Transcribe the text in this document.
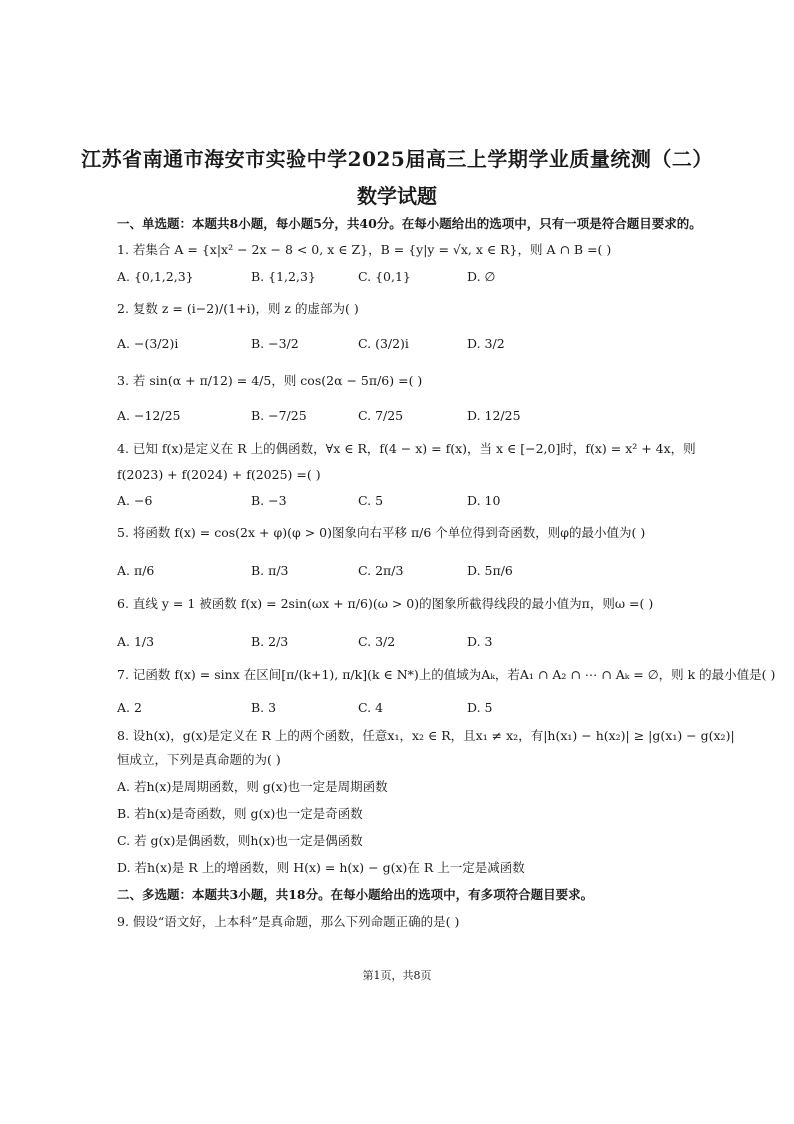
江苏省南通市海安市实验中学2025届高三上学期学业质量统测（二）
数学试题
一、单选题：本题共8小题，每小题5分，共40分。在每小题给出的选项中，只有一项是符合题目要求的。
1. 若集合 A = {x|x² − 2x − 8 < 0, x ∈ Z}，B = {y|y = √x, x ∈ R}，则 A ∩ B =( )
A. {0,1,2,3}	B. {1,2,3}	C. {0,1}	D. ∅
2. 复数 z = (i−2)/(1+i)，则 z 的虚部为( )
A. −(3/2)i	B. −3/2	C. (3/2)i	D. 3/2
3. 若 sin(α + π/12) = 4/5，则 cos(2α − 5π/6) =( )
A. −12/25	B. −7/25	C. 7/25	D. 12/25
4. 已知 f(x)是定义在 R 上的偶函数，∀x ∈ R，f(4 − x) = f(x)，当 x ∈ [−2,0]时，f(x) = x² + 4x，则
f(2023) + f(2024) + f(2025) =( )
A. −6	B. −3	C. 5	D. 10
5. 将函数 f(x) = cos(2x + φ)(φ > 0)图象向右平移 π/6 个单位得到奇函数，则φ的最小值为( )
A. π/6	B. π/3	C. 2π/3	D. 5π/6
6. 直线 y = 1 被函数 f(x) = 2sin(ωx + π/6)(ω > 0)的图象所截得线段的最小值为π，则ω =( )
A. 1/3	B. 2/3	C. 3/2	D. 3
7. 记函数 f(x) = sinx 在区间[π/(k+1), π/k](k ∈ N*)上的值域为Aₖ，若A₁ ∩ A₂ ∩ ⋯ ∩ Aₖ = ∅，则 k 的最小值是( )
A. 2	B. 3	C. 4	D. 5
8. 设h(x)，g(x)是定义在 R 上的两个函数，任意x₁，x₂ ∈ R，且x₁ ≠ x₂，有|h(x₁) − h(x₂)| ≥ |g(x₁) − g(x₂)|
恒成立，下列是真命题的为( )
A. 若h(x)是周期函数，则 g(x)也一定是周期函数
B. 若h(x)是奇函数，则 g(x)也一定是奇函数
C. 若 g(x)是偶函数，则h(x)也一定是偶函数
D. 若h(x)是 R 上的增函数，则 H(x) = h(x) − g(x)在 R 上一定是减函数
二、多选题：本题共3小题，共18分。在每小题给出的选项中，有多项符合题目要求。
9. 假设“语文好，上本科”是真命题，那么下列命题正确的是( )
第1页，共8页
